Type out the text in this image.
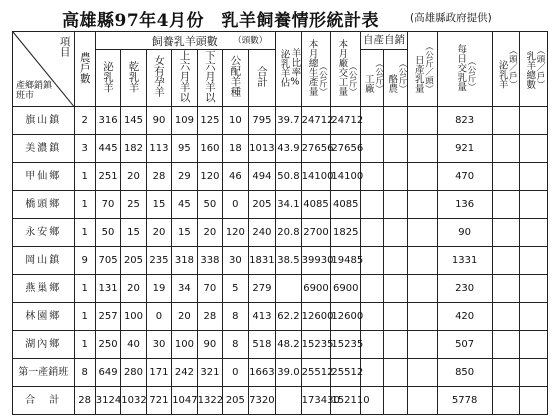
高雄縣97年4月份　乳羊飼養情形統計表	(高雄縣政府提供)
項目
產鄉銷鎮班市	農戶數	飼養乳羊頭數 （頭數）							泌乳羊佔羊比率%	本月總生產量（公斤）	本月廠交工量（公斤）	自產自銷		日產乳量（公斤／頭）	每日交乳量（公斤）	泌乳羊（頭／戶）	乳羊總數（頭／戶）
		泌乳羊	乾乳羊	女有孕羊	上六月羊以	下六月羊以	公配羊種	合計				工廠（公斤）	酪農（公斤）				
旗山鎮	2	316	145	90	109	125	10	795	39.7	24712	24712				823		
美濃鎮	3	445	182	113	95	160	18	1013	43.9	27656	27656				921		
甲仙鄉	1	251	20	28	29	120	46	494	50.8	14100	14100				470		
橋頭鄉	1	70	25	15	45	50	0	205	34.1	4085	4085				136		
永安鄉	1	50	15	20	15	20	120	240	20.8	2700	1825				90		
岡山鎮	9	705	205	235	318	338	30	1831	38.5	39930	19485				1331		
燕巢鄉	1	131	20	19	34	70	5	279		6900	6900				230		
林園鄉	1	257	100	0	20	28	8	413	62.2	12600	12600				420		
湖內鄉	1	250	40	30	100	90	8	518	48.2	15235	15235				507		
第一產銷班	8	649	280	171	242	321	0	1663	39.0	25512	25512				850		
合　計	28	3124	1032	721	1047	1322	205	7320		173430	152110				5778		
